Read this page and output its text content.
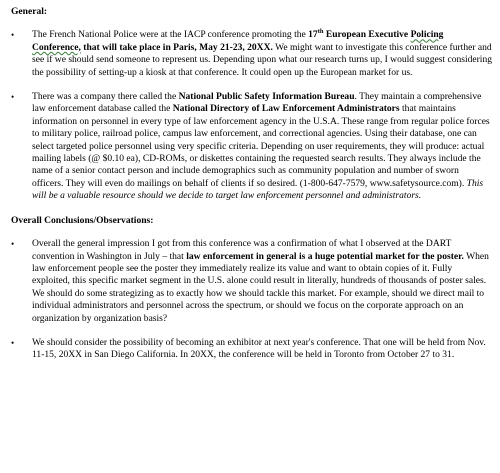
General:

• The French National Police were at the IACP conference promoting the 17th European Executive Policing Conference, that will take place in Paris, May 21-23, 20XX. We might want to investigate this conference further and see if we should send someone to represent us. Depending upon what our research turns up, I would suggest considering the possibility of setting-up a kiosk at that conference. It could open up the European market for us.

• There was a company there called the National Public Safety Information Bureau. They maintain a comprehensive law enforcement database called the National Directory of Law Enforcement Administrators that maintains information on personnel in every type of law enforcement agency in the U.S.A. These range from regular police forces to military police, railroad police, campus law enforcement, and correctional agencies. Using their database, one can select targeted police personnel using very specific criteria. Depending on user requirements, they will produce: actual mailing labels (@ $0.10 ea), CD-ROMs, or diskettes containing the requested search results. They always include the name of a senior contact person and include demographics such as community population and number of sworn officers. They will even do mailings on behalf of clients if so desired. (1-800-647-7579, www.safetysource.com). This will be a valuable resource should we decide to target law enforcement personnel and administrators.

Overall Conclusions/Observations:

• Overall the general impression I got from this conference was a confirmation of what I observed at the DART convention in Washington in July – that law enforcement in general is a huge potential market for the poster. When law enforcement people see the poster they immediately realize its value and want to obtain copies of it. Fully exploited, this specific market segment in the U.S. alone could result in literally, hundreds of thousands of poster sales. We should do some strategizing as to exactly how we should tackle this market. For example, should we direct mail to individual administrators and personnel across the spectrum, or should we focus on the corporate approach on an organization by organization basis?

• We should consider the possibility of becoming an exhibitor at next year's conference. That one will be held from Nov. 11-15, 20XX in San Diego California. In 20XX, the conference will be held in Toronto from October 27 to 31.
